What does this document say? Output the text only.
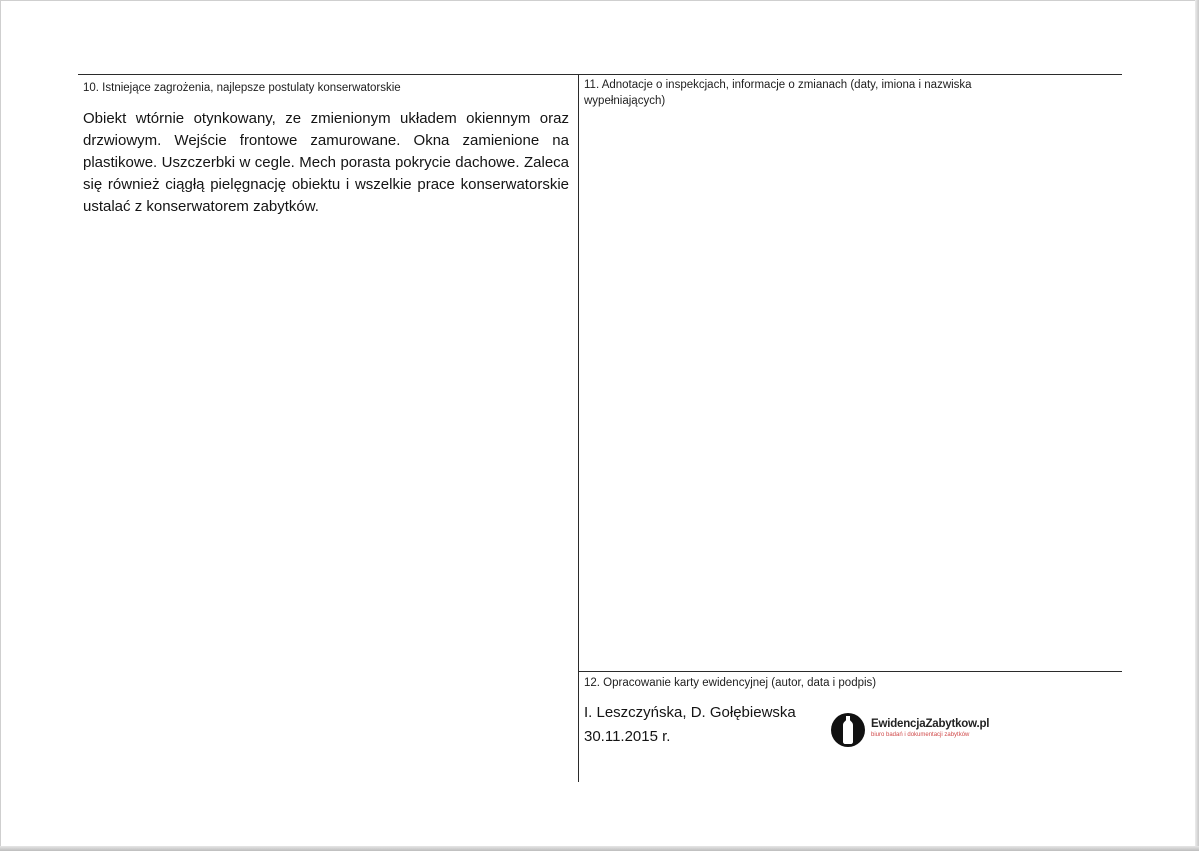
10. Istniejące zagrożenia, najlepsze postulaty konserwatorskie
Obiekt wtórnie otynkowany, ze zmienionym układem okiennym oraz drzwiowym. Wejście frontowe zamurowane. Okna zamienione na plastikowe. Uszczerbki w cegle. Mech porasta pokrycie dachowe. Zaleca się również ciągłą pielęgnację obiektu i wszelkie prace konserwatorskie ustalać z konserwatorem zabytków.
11. Adnotacje o inspekcjach, informacje o zmianach (daty, imiona i nazwiska wypełniających)
12. Opracowanie karty ewidencyjnej (autor, data i podpis)
I. Leszczyńska, D. Gołębiewska
30.11.2015 r.
EwidencjaZabytkow.pl
biuro badań i dokumentacji zabytków
